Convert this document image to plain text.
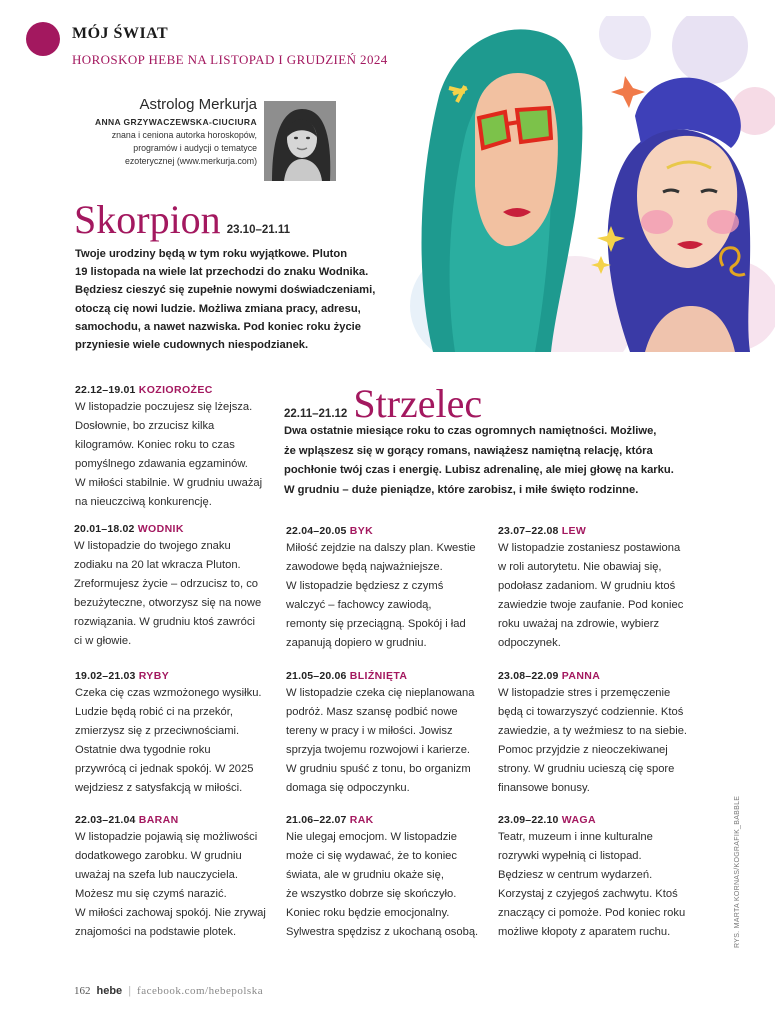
MÓJ ŚWIAT
HOROSKOP HEBE NA LISTOPAD I GRUDZIEŃ 2024
Astrolog Merkurja
ANNA GRZYWACZEWSKA-CIUCIURA
znana i ceniona autorka horoskopów,
programów i audycji o tematyce
ezoterycznej (www.merkurja.com)
Skorpion 23.10–21.11
Twoje urodziny będą w tym roku wyjątkowe. Pluton
19 listopada na wiele lat przechodzi do znaku Wodnika.
Będziesz cieszyć się zupełnie nowymi doświadczeniami,
otoczą cię nowi ludzie. Możliwa zmiana pracy, adresu,
samochodu, a nawet nazwiska. Pod koniec roku życie
przyniesie wiele cudownych niespodzianek.
22.11–21.12 Strzelec
Dwa ostatnie miesiące roku to czas ogromnych namiętności. Możliwe,
że wpląszesz się w gorący romans, nawiążesz namiętną relację, która
pochłonie twój czas i energię. Lubisz adrenalinę, ale miej głowę na karku.
W grudniu – duże pieniądze, które zarobisz, i miłe święto rodzinne.
22.12–19.01 KOZIOROŻEC
W listopadzie poczujesz się lżejsza.
Dosłownie, bo zrzucisz kilka
kilogramów. Koniec roku to czas
pomyślnego zdawania egzaminów.
W miłości stabilnie. W grudniu uważaj
na nieuczciwą konkurencję.
20.01–18.02 WODNIK
W listopadzie do twojego znaku
zodiaku na 20 lat wkracza Pluton.
Zreformujesz życie – odrzucisz to, co
bezużyteczne, otworzysz się na nowe
rozwiązania. W grudniu ktoś zawróci
ci w głowie.
22.04–20.05 BYK
Miłość zejdzie na dalszy plan. Kwestie
zawodowe będą najważniejsze.
W listopadzie będziesz z czymś
walczyć – fachowcy zawiodą,
remonty się przeciągną. Spokój i ład
zapanują dopiero w grudniu.
23.07–22.08 LEW
W listopadzie zostaniesz postawiona
w roli autorytetu. Nie obawiaj się,
podołasz zadaniom. W grudniu ktoś
zawiedzie twoje zaufanie. Pod koniec
roku uważaj na zdrowie, wybierz
odpoczynek.
19.02–21.03 RYBY
Czeka cię czas wzmożonego wysiłku.
Ludzie będą robić ci na przekór,
zmierzysz się z przeciwnościami.
Ostatnie dwa tygodnie roku
przywrócą ci jednak spokój. W 2025
wejdziesz z satysfakcją w miłości.
21.05–20.06 BLIŹNIĘTA
W listopadzie czeka cię nieplanowana
podróż. Masz szansę podbić nowe
tereny w pracy i w miłości. Jowisz
sprzyja twojemu rozwojowi i karierze.
W grudniu spuść z tonu, bo organizm
domaga się odpoczynku.
23.08–22.09 PANNA
W listopadzie stres i przemęczenie
będą ci towarzyszyć codziennie. Ktoś
zawiedzie, a ty weźmiesz to na siebie.
Pomoc przyjdzie z nieoczekiwanej
strony. W grudniu ucieszą cię spore
finansowe bonusy.
22.03–21.04 BARAN
W listopadzie pojawią się możliwości
dodatkowego zarobku. W grudniu
uważaj na szefa lub nauczyciela.
Możesz mu się czymś narazić.
W miłości zachowaj spokój. Nie zrywaj
znajomości na podstawie plotek.
21.06–22.07 RAK
Nie ulegaj emocjom. W listopadzie
może ci się wydawać, że to koniec
świata, ale w grudniu okaże się,
że wszystko dobrze się skończyło.
Koniec roku będzie emocjonalny.
Sylwestra spędzisz z ukochaną osobą.
23.09–22.10 WAGA
Teatr, muzeum i inne kulturalne
rozrywki wypełnią ci listopad.
Będziesz w centrum wydarzeń.
Korzystaj z czyjegoś zachwytu. Ktoś
znaczący ci pomoże. Pod koniec roku
możliwe kłopoty z aparatem ruchu.	RYS. MARTA KORNAS/KOGRAFIK_BABBLE
162 hebe | facebook.com/hebepolska
